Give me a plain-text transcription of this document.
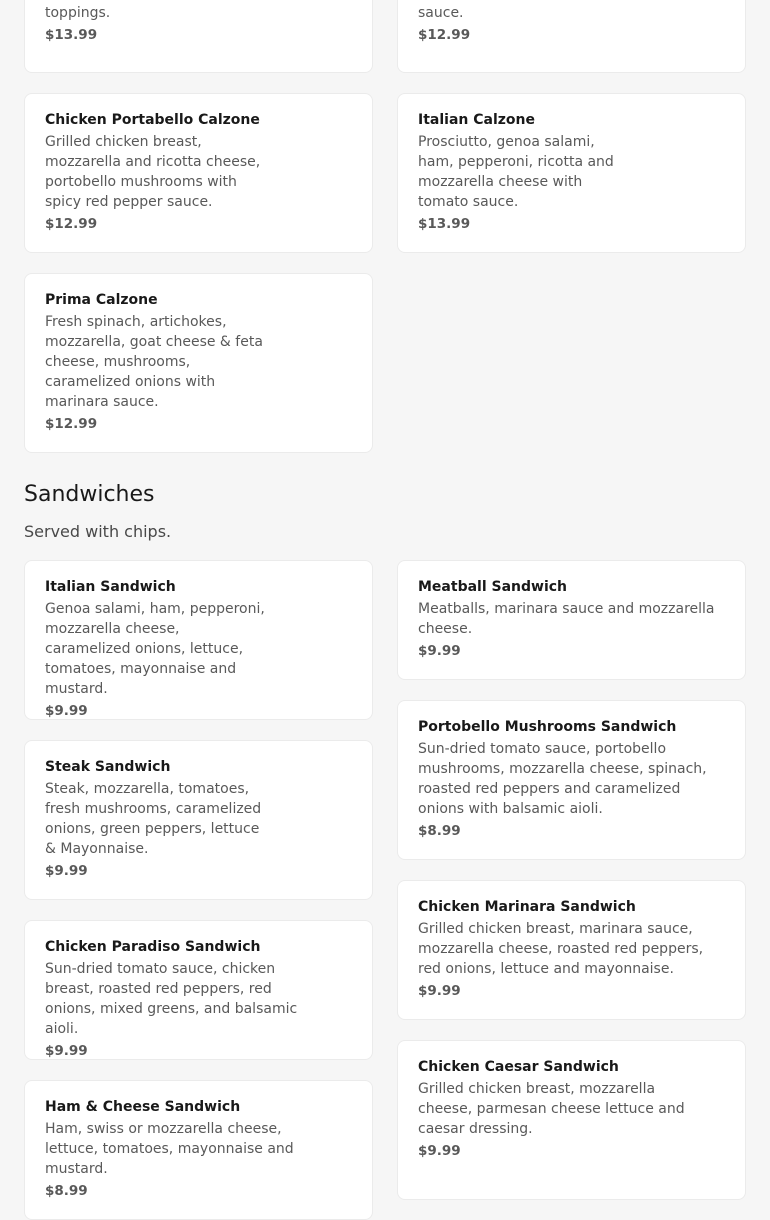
toppings.

$13.99

sauce.

$12.99
Chicken Portabello Calzone

Grilled chicken breast, mozzarella and ricotta cheese, portobello mushrooms with spicy red pepper sauce.

$12.99
Italian Calzone

Prosciutto, genoa salami, ham, pepperoni, ricotta and mozzarella cheese with tomato sauce.

$13.99
Prima Calzone

Fresh spinach, artichokes, mozzarella, goat cheese & feta cheese, mushrooms, caramelized onions with marinara sauce.

$12.99
Sandwiches

Served with chips.

Italian Sandwich

Genoa salami, ham, pepperoni, mozzarella cheese, caramelized onions, lettuce, tomatoes, mayonnaise and mustard.

$9.99
Meatball Sandwich

Meatballs, marinara sauce and mozzarella cheese.

$9.99
Steak Sandwich

Steak, mozzarella, tomatoes, fresh mushrooms, caramelized onions, green peppers, lettuce & Mayonnaise.

$9.99
Portobello Mushrooms Sandwich

Sun-dried tomato sauce, portobello mushrooms, mozzarella cheese, spinach, roasted red peppers and caramelized onions with balsamic aioli.

$8.99
Chicken Paradiso Sandwich

Sun-dried tomato sauce, chicken breast, roasted red peppers, red onions, mixed greens, and balsamic aioli.

$9.99
Chicken Marinara Sandwich

Grilled chicken breast, marinara sauce, mozzarella cheese, roasted red peppers, red onions, lettuce and mayonnaise.

$9.99
Ham & Cheese Sandwich

Ham, swiss or mozzarella cheese, lettuce, tomatoes, mayonnaise and mustard.

$8.99
Chicken Caesar Sandwich

Grilled chicken breast, mozzarella cheese, parmesan cheese lettuce and caesar dressing.

$9.99
